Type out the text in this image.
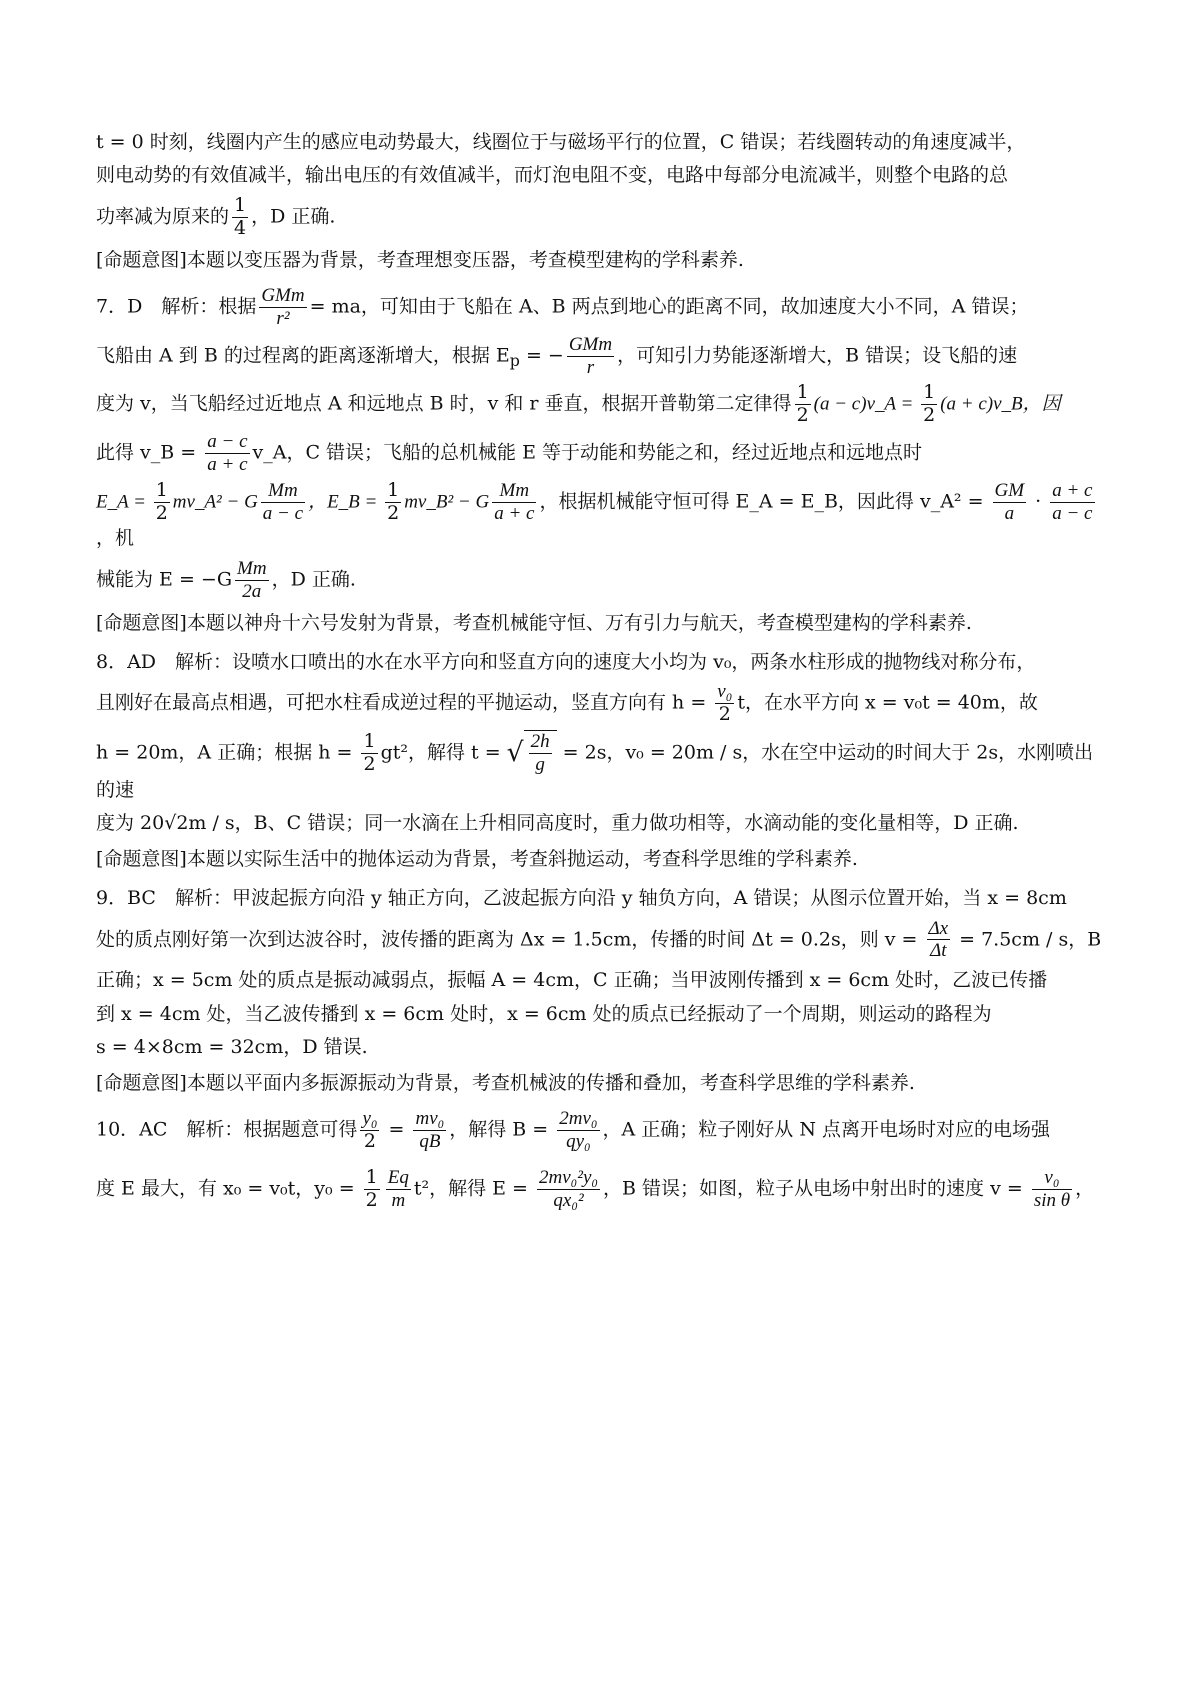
t = 0 时刻，线圈内产生的感应电动势最大，线圈位于与磁场平行的位置，C 错误；若线圈转动的角速度减半，

则电动势的有效值减半，输出电压的有效值减半，而灯泡电阻不变，电路中每部分电流减半，则整个电路的总

功率减为原来的 $\frac{1}{4}$ ，D 正确.

[命题意图]本题以变压器为背景，考查理想变压器，考查模型建构的学科素养.

7．D　解析：根据 $\frac{\text{GMm}}{\text{r²}}$ = ma，可知由于飞船在 A、B 两点到地心的距离不同，故加速度大小不同，A 错误；

飞船由 A 到 B 的过程离的距离逐渐增大，根据 $E_p$ = − $\frac{\text{GMm}}{r}$ ，可知引力势能逐渐增大，B 错误；设飞船的速

度为 v，当飞船经过近地点 A 和远地点 B 时，v 和 r 垂直，根据开普勒第二定律得 $\frac{1}{2} (a$ − c)v_A = $\frac{1}{2} (a$ + c)v_B，因

此得 v_B = $\frac{a - c}{a + c}$ v_A，C 错误；飞船的总机械能 E 等于动能和势能之和，经过近地点和远地点时

E_A = $\frac{1}{2}$ mv_A² − G $\frac{Mm}{a - c}$ ，E_B = $\frac{1}{2}$ mv_B² − G $\frac{Mm}{a + c}$ ，根据机械能守恒可得 E_A = E_B，因此得 v_A² = $\frac{GM}{a} \cdot \frac{a + c}{a - c}$
，机

械能为 $E = -G \frac{Mm}{2a}$ ，D 正确.

[命题意图]本题以神舟十六号发射为背景，考查机械能守恒、万有引力与航天，考查模型建构的学科素养.

8．AD　解析：设喷水口喷出的水在水平方向和竖直方向的速度大小均为 v₀，两条水柱形成的抛物线对称分布，

且刚好在最高点相遇，可把水柱看成逆过程的平抛运动，竖直方向有 $h = \frac{\text{v₀}}{2}$ t，在水平方向 x = v₀t = 40m，故

h = 20m，A 正确；根据 $h = \frac{1}{2} gt^2$，解得 t = √ $\frac{2h}{g} = 2s$，v₀ = 20m / s，水在空中运动的时间大于 2s，水刚喷出的速

度为 20√2m / s，B、C 错误；同一水滴在上升相同高度时，重力做功相等，水滴动能的变化量相等，D 正确.

[命题意图]本题以实际生活中的抛体运动为背景，考查斜抛运动，考查科学思维的学科素养.

9．BC　解析：甲波起振方向沿 y 轴正方向，乙波起振方向沿 y 轴负方向，A 错误；从图示位置开始，当 x = 8cm

处的质点刚好第一次到达波谷时，波传播的距离为 Δx = 1.5cm，传播的时间 Δt = 0.2s，则 $v = \frac{\Delta x}{\Delta t} = 7.5cm / s$，B

正确；x = 5cm 处的质点是振动减弱点，振幅 A = 4cm，C 正确；当甲波刚传播到 x = 6cm 处时，乙波已传播

到 x = 4cm 处，当乙波传播到 x = 6cm 处时，x = 6cm 处的质点已经振动了一个周期，则运动的路程为

s = 4×8cm = 32cm，D 错误.

[命题意图]本题以平面内多振源振动为背景，考查机械波的传播和叠加，考查科学思维的学科素养.

10．AC　解析：根据题意可得 $\frac{\text{y₀}}{2} = \frac{\text{mv₀}}{qB}$ ，解得 $B = \frac{\text{2mv₀}}{\text{qy₀}}$ ，A 正确；粒子刚好从 N 点离开电场时对应的电场强

度 E 最大，有 x₀ = v₀t，$y_0 = \frac{1}{2} \frac{Eq}{m} t^2$，解得 $E = \frac{\text{2mv₀²y₀}}{\text{qx₀²}}$ ，B 错误；如图，粒子从电场中射出时的速度 $v = \frac{\text{v₀}}{\text{sin θ}}$ ，
